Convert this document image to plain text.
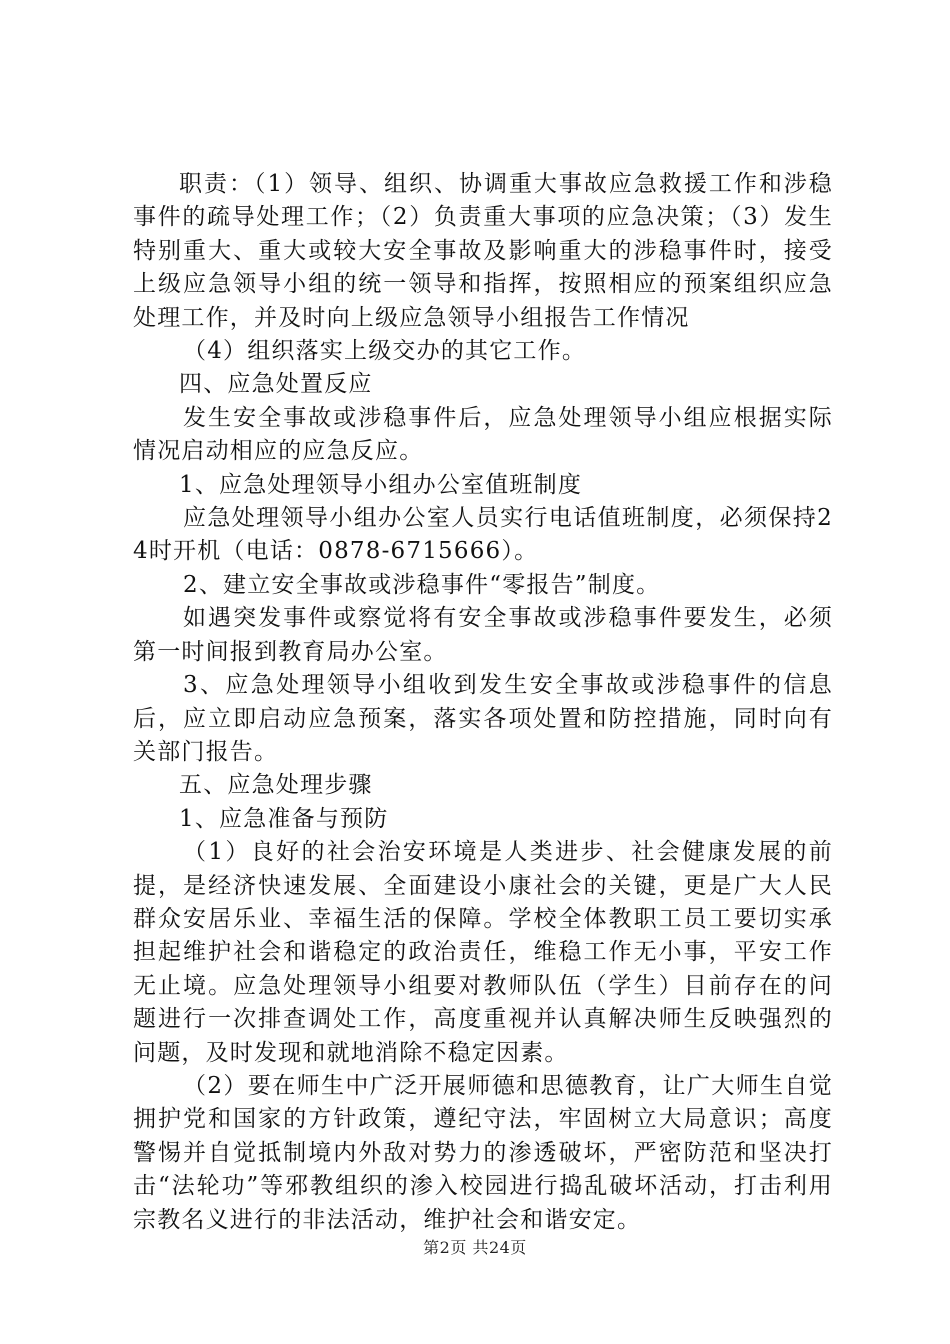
职责：（1）领导、组织、协调重大事故应急救援工作和涉稳事件的疏导处理工作；（2）负责重大事项的应急决策；（3）发生特别重大、重大或较大安全事故及影响重大的涉稳事件时，接受上级应急领导小组的统一领导和指挥，按照相应的预案组织应急处理工作，并及时向上级应急领导小组报告工作情况

（4）组织落实上级交办的其它工作。

四、应急处置反应

发生安全事故或涉稳事件后，应急处理领导小组应根据实际情况启动相应的应急反应。

1、应急处理领导小组办公室值班制度

应急处理领导小组办公室人员实行电话值班制度，必须保持24时开机（电话：0878-6715666）。

2、建立安全事故或涉稳事件“零报告”制度。

如遇突发事件或察觉将有安全事故或涉稳事件要发生，必须第一时间报到教育局办公室。

3、应急处理领导小组收到发生安全事故或涉稳事件的信息后，应立即启动应急预案，落实各项处置和防控措施，同时向有关部门报告。

五、应急处理步骤

1、应急准备与预防

（1）良好的社会治安环境是人类进步、社会健康发展的前提，是经济快速发展、全面建设小康社会的关键，更是广大人民群众安居乐业、幸福生活的保障。学校全体教职工员工要切实承担起维护社会和谐稳定的政治责任，维稳工作无小事，平安工作无止境。应急处理领导小组要对教师队伍（学生）目前存在的问题进行一次排查调处工作，高度重视并认真解决师生反映强烈的问题，及时发现和就地消除不稳定因素。

（2）要在师生中广泛开展师德和思德教育，让广大师生自觉拥护党和国家的方针政策，遵纪守法，牢固树立大局意识；高度警惕并自觉抵制境内外敌对势力的渗透破坏，严密防范和坚决打击“法轮功”等邪教组织的渗入校园进行捣乱破坏活动，打击利用宗教名义进行的非法活动，维护社会和谐安定。

第2页 共24页
